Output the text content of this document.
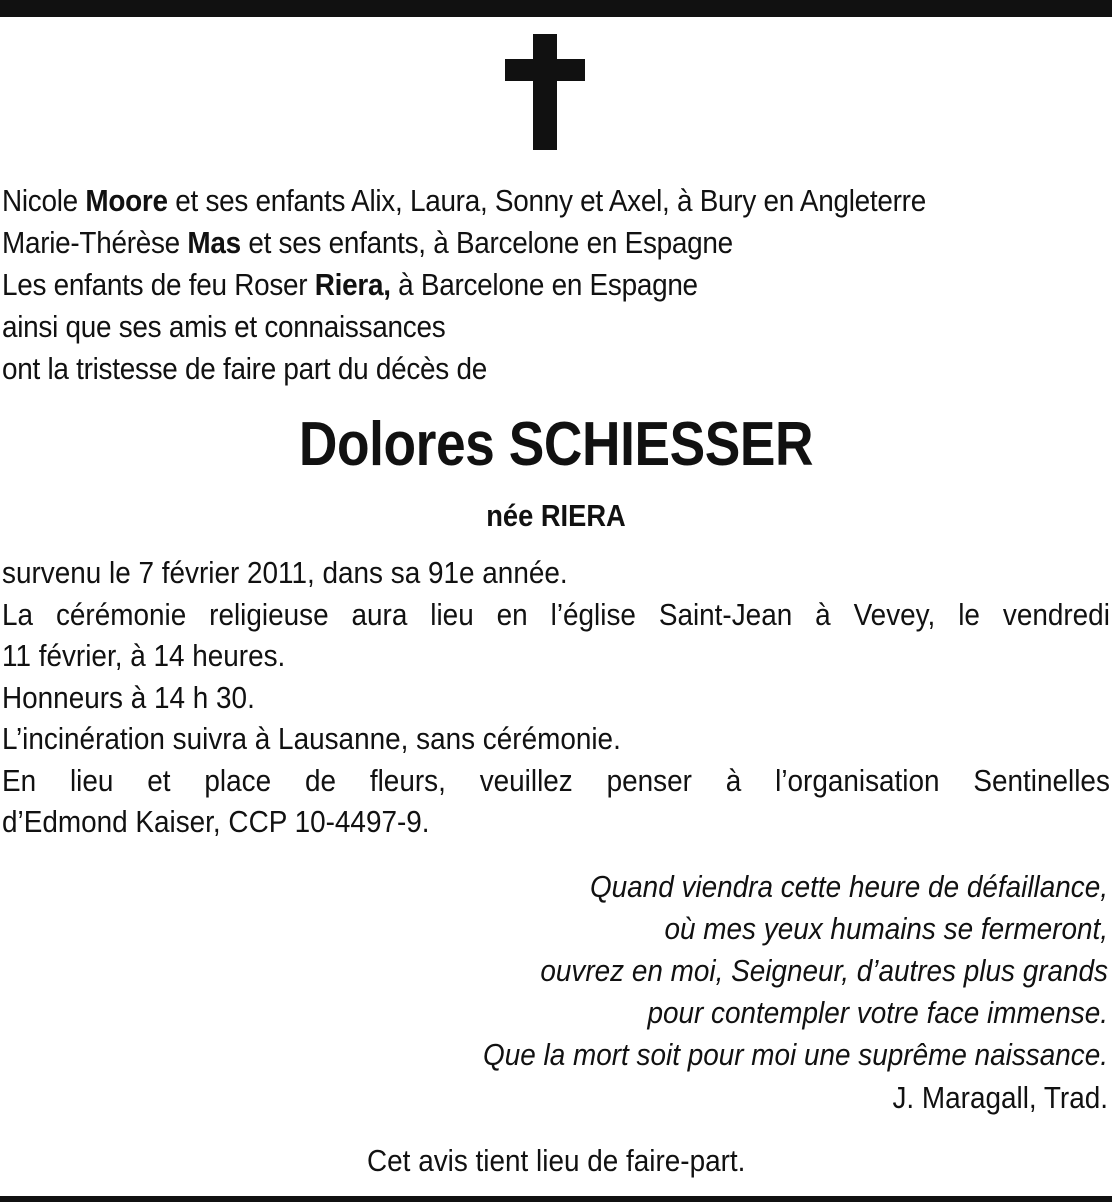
Nicole Moore et ses enfants Alix, Laura, Sonny et Axel, à Bury en Angleterre
Marie-Thérèse Mas et ses enfants, à Barcelone en Espagne
Les enfants de feu Roser Riera, à Barcelone en Espagne
ainsi que ses amis et connaissances
ont la tristesse de faire part du décès de
Dolores SCHIESSER
née RIERA
survenu le 7 février 2011, dans sa 91e année.
La cérémonie religieuse aura lieu en l’église Saint-Jean à Vevey, le vendredi
11 février, à 14 heures.
Honneurs à 14 h 30.
L’incinération suivra à Lausanne, sans cérémonie.
En lieu et place de fleurs, veuillez penser à l’organisation Sentinelles
d’Edmond Kaiser, CCP 10-4497-9.
Quand viendra cette heure de défaillance,
où mes yeux humains se fermeront,
ouvrez en moi, Seigneur, d’autres plus grands
pour contempler votre face immense.
Que la mort soit pour moi une suprême naissance.
J. Maragall, Trad.
Cet avis tient lieu de faire-part.
